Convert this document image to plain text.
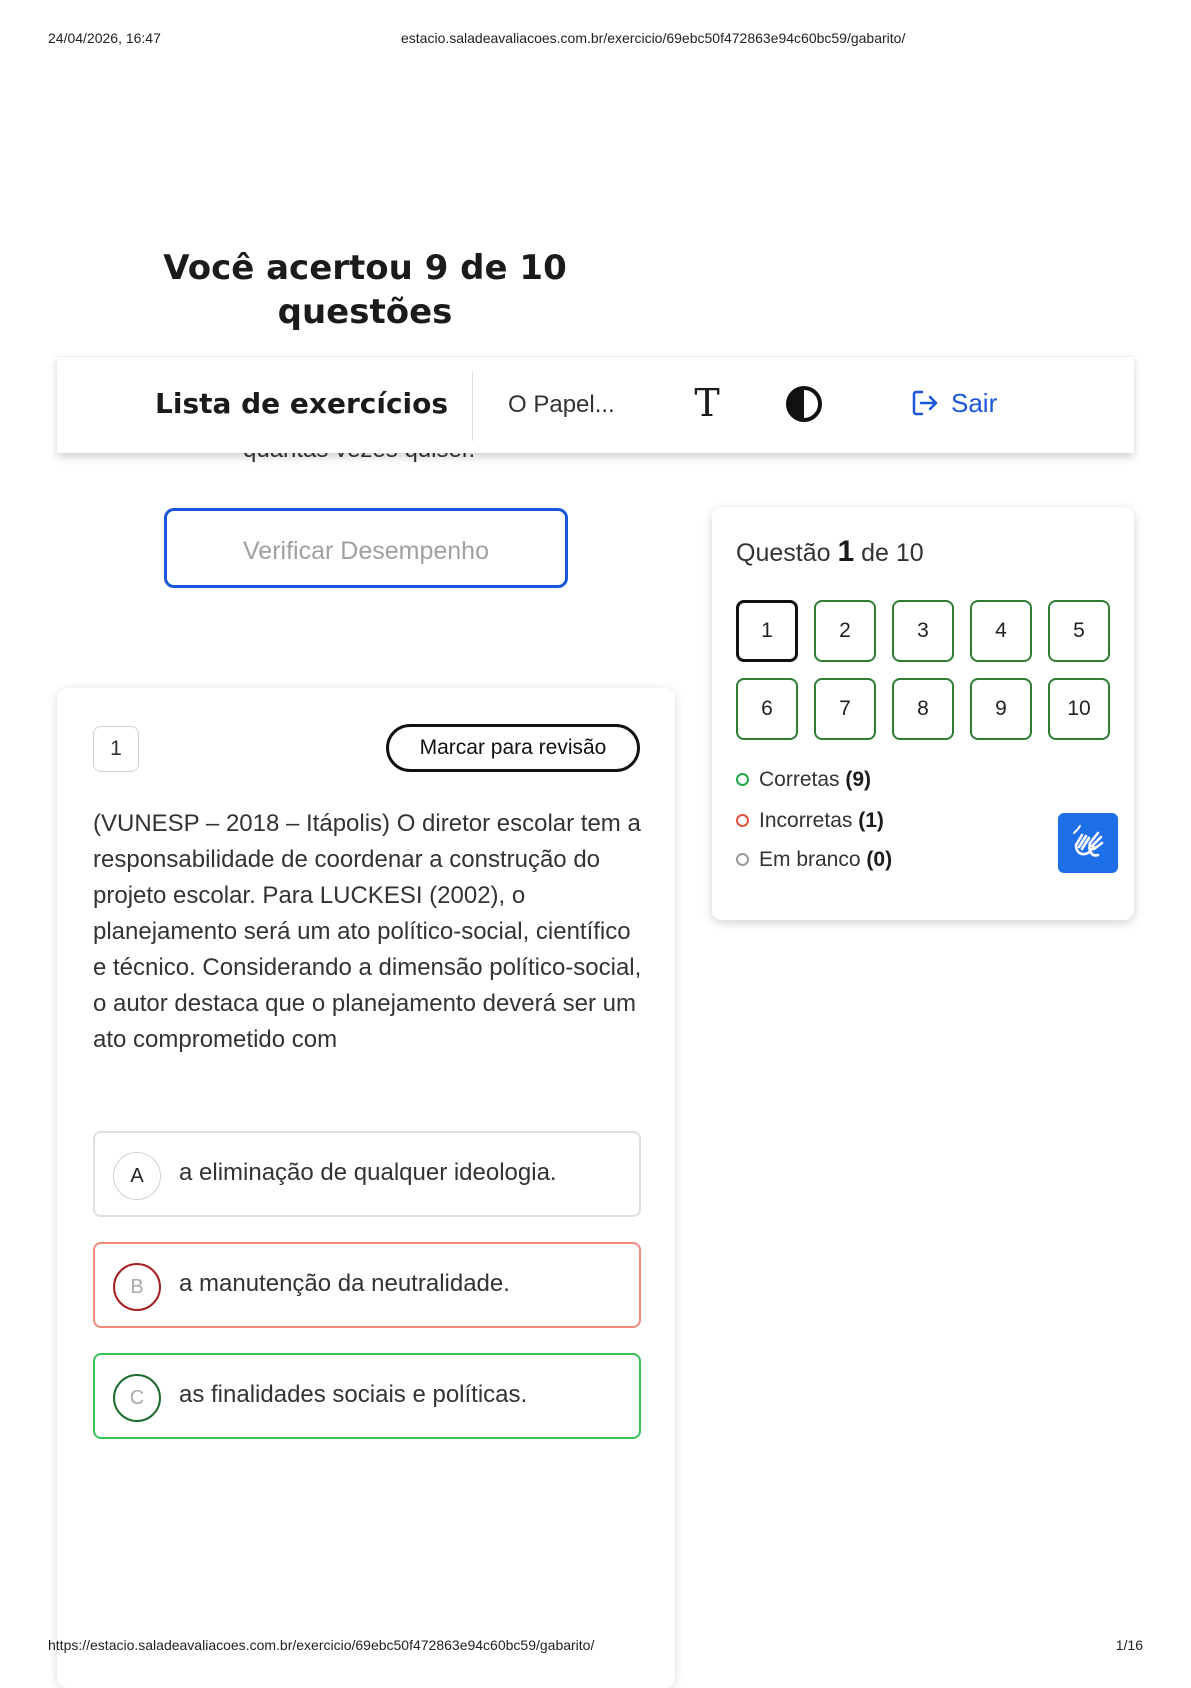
24/04/2026, 16:47	estacio.saladeavaliacoes.com.br/exercicio/69ebc50f472863e94c60bc59/gabarito/
Você acertou 9 de 10
questões
Lista de exercícios O Papel... T	Sair
Verificar Desempenho	Questão 1 de 10
1	2	3	4	5
6	7	8	9	10
Corretas (9)
Incorretas (1)
Em branco (0)
1	Marcar para revisão
(VUNESP – 2018 – Itápolis) O diretor escolar tem a responsabilidade de coordenar a construção do projeto escolar. Para LUCKESI (2002), o planejamento será um ato político-social, científico e técnico. Considerando a dimensão político-social, o autor destaca que o planejamento deverá ser um ato comprometido com
A	a eliminação de qualquer ideologia.
B	a manutenção da neutralidade.
C	as finalidades sociais e políticas.
https://estacio.saladeavaliacoes.com.br/exercicio/69ebc50f472863e94c60bc59/gabarito/	1/16
